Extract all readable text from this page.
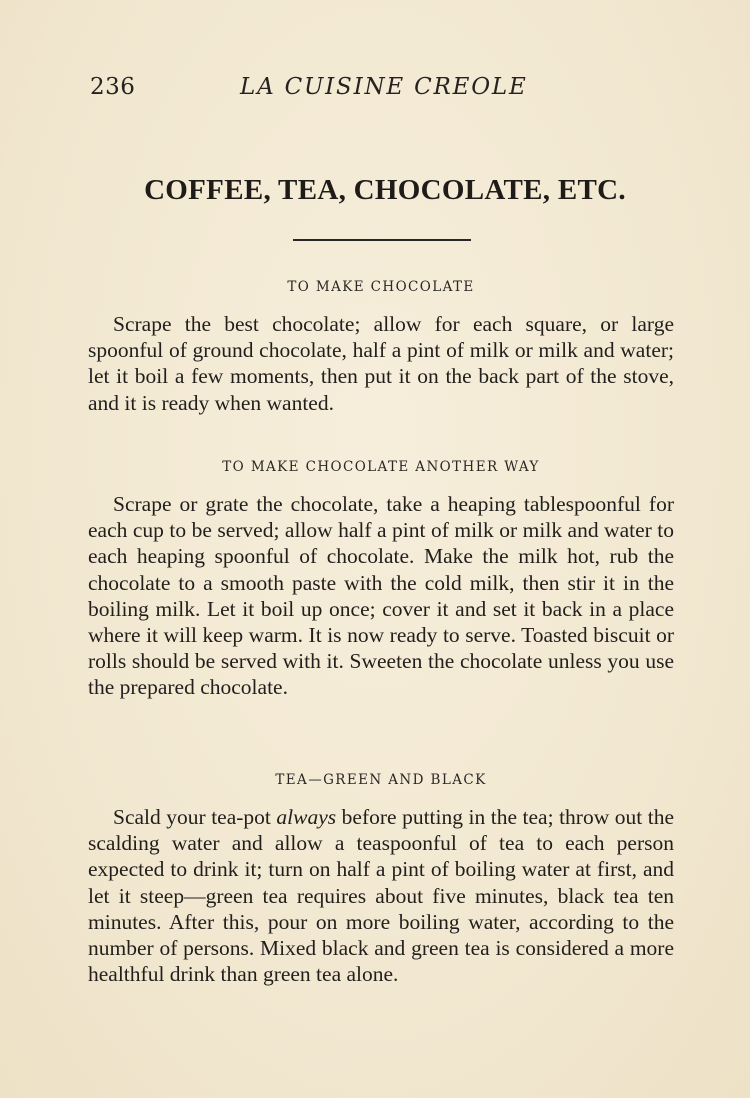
236	LA CUISINE CREOLE
COFFEE, TEA, CHOCOLATE, ETC.
TO MAKE CHOCOLATE
Scrape the best chocolate; allow for each square, or large spoonful of ground chocolate, half a pint of milk or milk and water; let it boil a few moments, then put it on the back part of the stove, and it is ready when wanted.
TO MAKE CHOCOLATE ANOTHER WAY
Scrape or grate the chocolate, take a heaping tablespoonful for each cup to be served; allow half a pint of milk or milk and water to each heaping spoonful of chocolate. Make the milk hot, rub the chocolate to a smooth paste with the cold milk, then stir it in the boiling milk. Let it boil up once; cover it and set it back in a place where it will keep warm. It is now ready to serve. Toasted biscuit or rolls should be served with it. Sweeten the chocolate unless you use the prepared chocolate.
TEA—GREEN AND BLACK
Scald your tea-pot always before putting in the tea; throw out the scalding water and allow a teaspoonful of tea to each person expected to drink it; turn on half a pint of boiling water at first, and let it steep—green tea requires about five minutes, black tea ten minutes. After this, pour on more boiling water, according to the number of persons. Mixed black and green tea is considered a more healthful drink than green tea alone.
